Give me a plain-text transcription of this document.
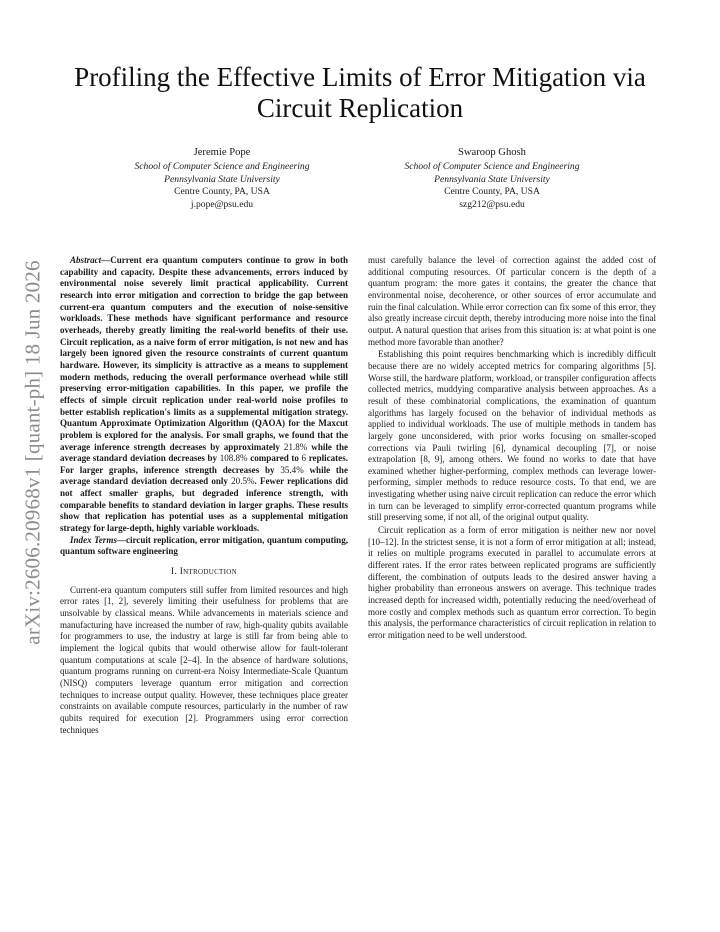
arXiv:2606.20968v1 [quant-ph] 18 Jun 2026
Profiling the Effective Limits of Error Mitigation via Circuit Replication
Jeremie Pope
School of Computer Science and Engineering
Pennsylvania State University
Centre County, PA, USA
j.pope@psu.edu
Swaroop Ghosh
School of Computer Science and Engineering
Pennsylvania State University
Centre County, PA, USA
szg212@psu.edu

Abstract—Current era quantum computers continue to grow in both capability and capacity. Despite these advancements, errors induced by environmental noise severely limit practical applicability. Current research into error mitigation and correction to bridge the gap between current-era quantum computers and the execution of noise-sensitive workloads. These methods have significant performance and resource overheads, thereby greatly limiting the real-world benefits of their use. Circuit replication, as a naive form of error mitigation, is not new and has largely been ignored given the resource constraints of current quantum hardware. However, its simplicity is attractive as a means to supplement modern methods, reducing the overall performance overhead while still preserving error-mitigation capabilities. In this paper, we profile the effects of simple circuit replication under real-world noise profiles to better establish replication's limits as a supplemental mitigation strategy. Quantum Approximate Optimization Algorithm (QAOA) for the Maxcut problem is explored for the analysis. For small graphs, we found that the average inference strength decreases by approximately 21.8% while the average standard deviation decreases by 108.8% compared to 6 replicates. For larger graphs, inference strength decreases by 35.4% while the average standard deviation decreased only 20.5%. Fewer replications did not affect smaller graphs, but degraded inference strength, with comparable benefits to standard deviation in larger graphs. These results show that replication has potential uses as a supplemental mitigation strategy for large-depth, highly variable workloads.

Index Terms—circuit replication, error mitigation, quantum computing, quantum software engineering

I. Introduction

Current-era quantum computers still suffer from limited resources and high error rates [1, 2], severely limiting their usefulness for problems that are unsolvable by classical means. While advancements in materials science and manufacturing have increased the number of raw, high-quality qubits available for programmers to use, the industry at large is still far from being able to implement the logical qubits that would otherwise allow for fault-tolerant quantum computations at scale [2–4]. In the absence of hardware solutions, quantum programs running on current-era Noisy Intermediate-Scale Quantum (NISQ) computers leverage quantum error mitigation and correction techniques to increase output quality. However, these techniques place greater constraints on available compute resources, particularly in the number of raw qubits required for execution [2]. Programmers using error correction techniques

must carefully balance the level of correction against the added cost of additional computing resources. Of particular concern is the depth of a quantum program: the more gates it contains, the greater the chance that environmental noise, decoherence, or other sources of error accumulate and ruin the final calculation. While error correction can fix some of this error, they also greatly increase circuit depth, thereby introducing more noise into the final output. A natural question that arises from this situation is: at what point is one method more favorable than another?

Establishing this point requires benchmarking which is incredibly difficult because there are no widely accepted metrics for comparing algorithms [5]. Worse still, the hardware platform, workload, or transpiler configuration affects collected metrics, muddying comparative analysis between approaches. As a result of these combinatorial complications, the examination of quantum algorithms has largely focused on the behavior of individual methods as applied to individual workloads. The use of multiple methods in tandem has largely gone unconsidered, with prior works focusing on smaller-scoped corrections via Pauli twirling [6], dynamical decoupling [7], or noise extrapolation [8, 9], among others. We found no works to date that have examined whether higher-performing, complex methods can leverage lower-performing, simpler methods to reduce resource costs. To that end, we are investigating whether using naive circuit replication can reduce the error which in turn can be leveraged to simplify error-corrected quantum programs while still preserving some, if not all, of the original output quality.

Circuit replication as a form of error mitigation is neither new nor novel [10–12]. In the strictest sense, it is not a form of error mitigation at all; instead, it relies on multiple programs executed in parallel to accumulate errors at different rates. If the error rates between replicated programs are sufficiently different, the combination of outputs leads to the desired answer having a higher probability than erroneous answers on average. This technique trades increased depth for increased width, potentially reducing the need/overhead of more costly and complex methods such as quantum error correction. To begin this analysis, the performance characteristics of circuit replication in relation to error mitigation need to be well understood.
